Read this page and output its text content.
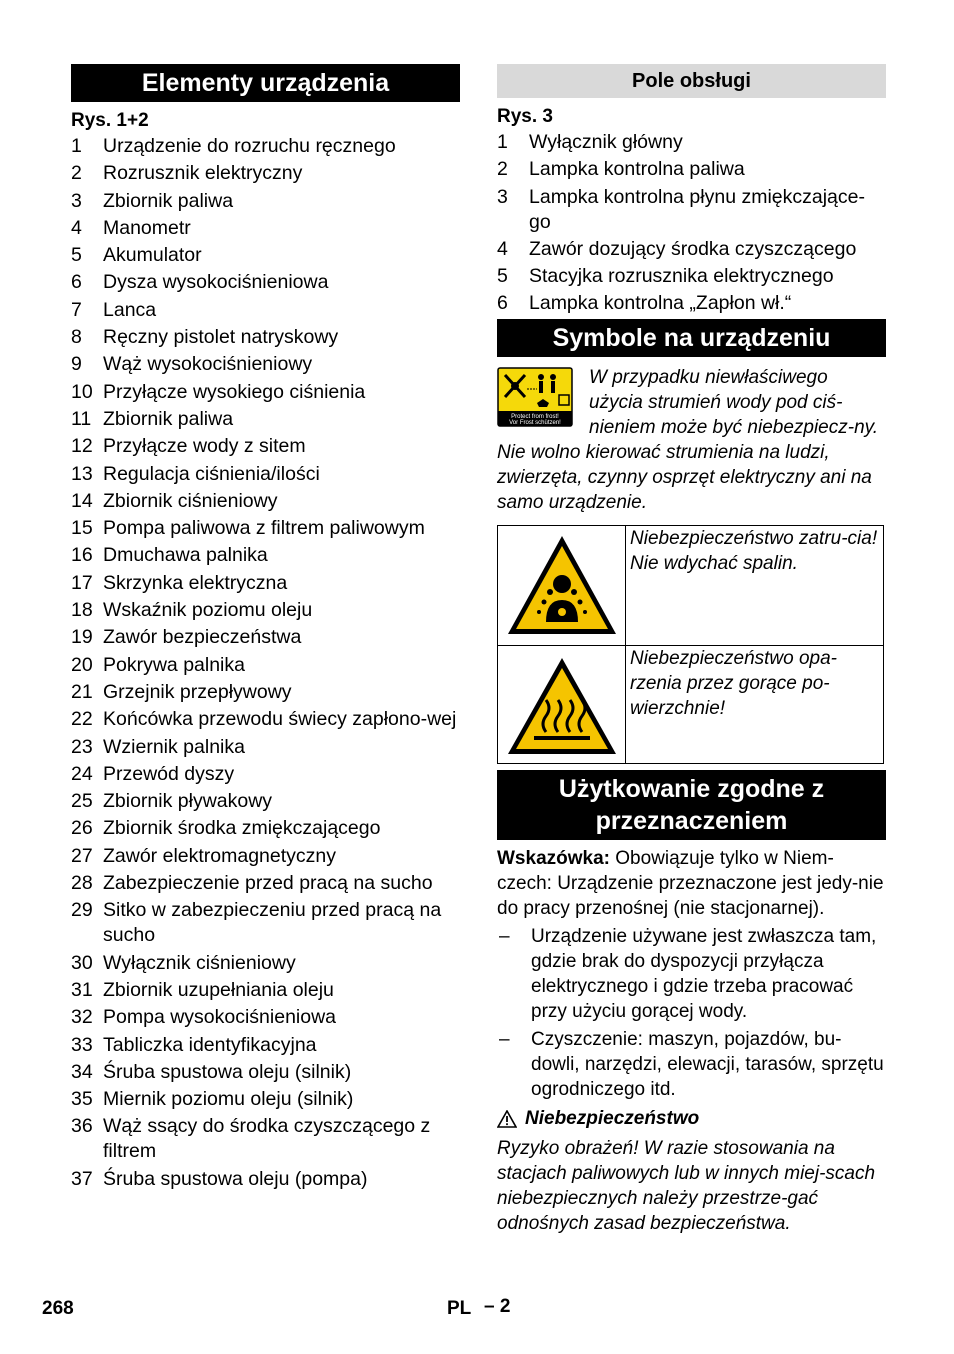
Elementy urządzenia
Rys. 1+2
1	Urządzenie do rozruchu ręcznego
2	Rozrusznik elektryczny
3	Zbiornik paliwa
4	Manometr
5	Akumulator
6	Dysza wysokociśnieniowa
7	Lanca
8	Ręczny pistolet natryskowy
9	Wąż wysokociśnieniowy
10 Przyłącze wysokiego ciśnienia
11 Zbiornik paliwa
12 Przyłącze wody z sitem
13 Regulacja ciśnienia/ilości
14 Zbiornik ciśnieniowy
15 Pompa paliwowa z filtrem paliwowym
16 Dmuchawa palnika
17 Skrzynka elektryczna
18 Wskaźnik poziomu oleju
19 Zawór bezpieczeństwa
20 Pokrywa palnika
21 Grzejnik przepływowy
22 Końcówka przewodu świecy zapłono-wej
23 Wziernik palnika
24 Przewód dyszy
25 Zbiornik pływakowy
26 Zbiornik środka zmiękczającego
27 Zawór elektromagnetyczny
28 Zabezpieczenie przed pracą na sucho
29 Sitko w zabezpieczeniu przed pracą na sucho
30 Wyłącznik ciśnieniowy
31 Zbiornik uzupełniania oleju
32 Pompa wysokociśnieniowa
33 Tabliczka identyfikacyjna
34 Śruba spustowa oleju (silnik)
35 Miernik poziomu oleju (silnik)
36 Wąż ssący do środka czyszczącego z filtrem
37 Śruba spustowa oleju (pompa)
Pole obsługi
Rys. 3
1	Wyłącznik główny
2	Lampka kontrolna paliwa
3	Lampka kontrolna płynu zmiękczające-go
4	Zawór dozujący środka czyszczącego
5	Stacyjka rozrusznika elektrycznego
6	Lampka kontrolna „Zapłon wł.“
Symbole na urządzeniu
Protect from frost!
Vor Frost schützen!
W przypadku niewłaściwego użycia strumień wody pod ciś-nieniem może być niebezpiecz-ny. Nie wolno kierować strumienia na ludzi, zwierzęta, czynny osprzęt elektryczny ani na samo urządzenie.
	Niebezpieczeństwo zatru-cia! Nie wdychać spalin.
	Niebezpieczeństwo opa-rzenia przez gorące po-wierzchnie!
Użytkowanie zgodne z przeznaczeniem
Wskazówka: Obowiązuje tylko w Niem-czech: Urządzenie przeznaczone jest jedy-nie do pracy przenośnej (nie stacjonarnej).
–	Urządzenie używane jest zwłaszcza tam, gdzie brak do dyspozycji przyłącza elektrycznego i gdzie trzeba pracować przy użyciu gorącej wody.
–	Czyszczenie: maszyn, pojazdów, bu-dowli, narzędzi, elewacji, tarasów, sprzętu ogrodniczego itd.
Niebezpieczeństwo
Ryzyko obrażeń! W razie stosowania na stacjach paliwowych lub w innych miej-scach niebezpiecznych należy przestrze-gać odnośnych zasad bezpieczeństwa.
268	PL – 2
